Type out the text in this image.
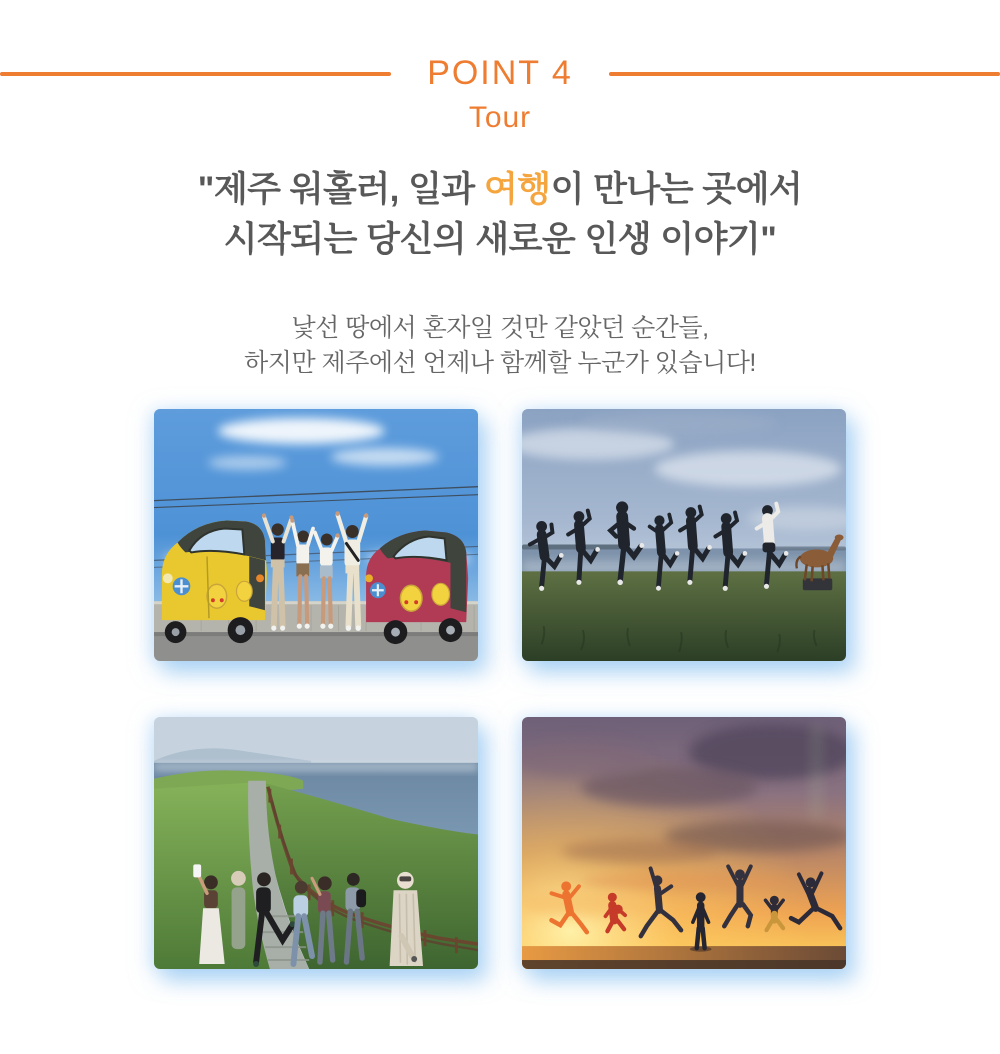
POINT 4
Tour
"제주 워홀러, 일과 여행이 만나는 곳에서
시작되는 당신의 새로운 인생 이야기"
낯선 땅에서 혼자일 것만 같았던 순간들,
하지만 제주에선 언제나 함께할 누군가 있습니다!
